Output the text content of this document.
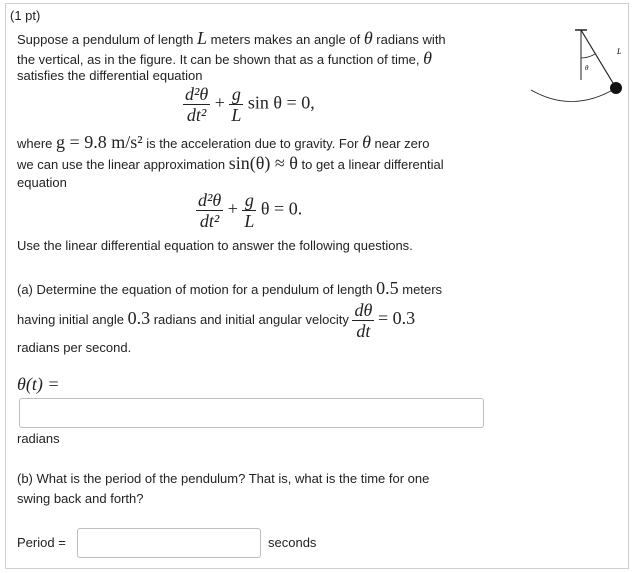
(1 pt)
Suppose a pendulum of length L meters makes an angle of θ radians with
the vertical, as in the figure. It can be shown that as a function of time, θ
satisfies the differential equation
$\frac{\text{d²θ}}{\text{dt²}} + \frac{g}{L}$ sin θ = 0,
where g = 9.8 m/s² is the acceleration due to gravity. For θ near zero
we can use the linear approximation sin(θ) ≈ θ to get a linear differential
equation
$\frac{\text{d²θ}}{\text{dt²}} + \frac{g}{L}$ θ = 0.
Use the linear differential equation to answer the following questions.
(a) Determine the equation of motion for a pendulum of length 0.5 meters
having initial angle 0.3 radians and initial angular velocity $\frac{d\theta}{dt} = 0.3$
radians per second.
θ(t) =
radians
(b) What is the period of the pendulum? That is, what is the time for one
swing back and forth?
Period =	seconds
L
θ
